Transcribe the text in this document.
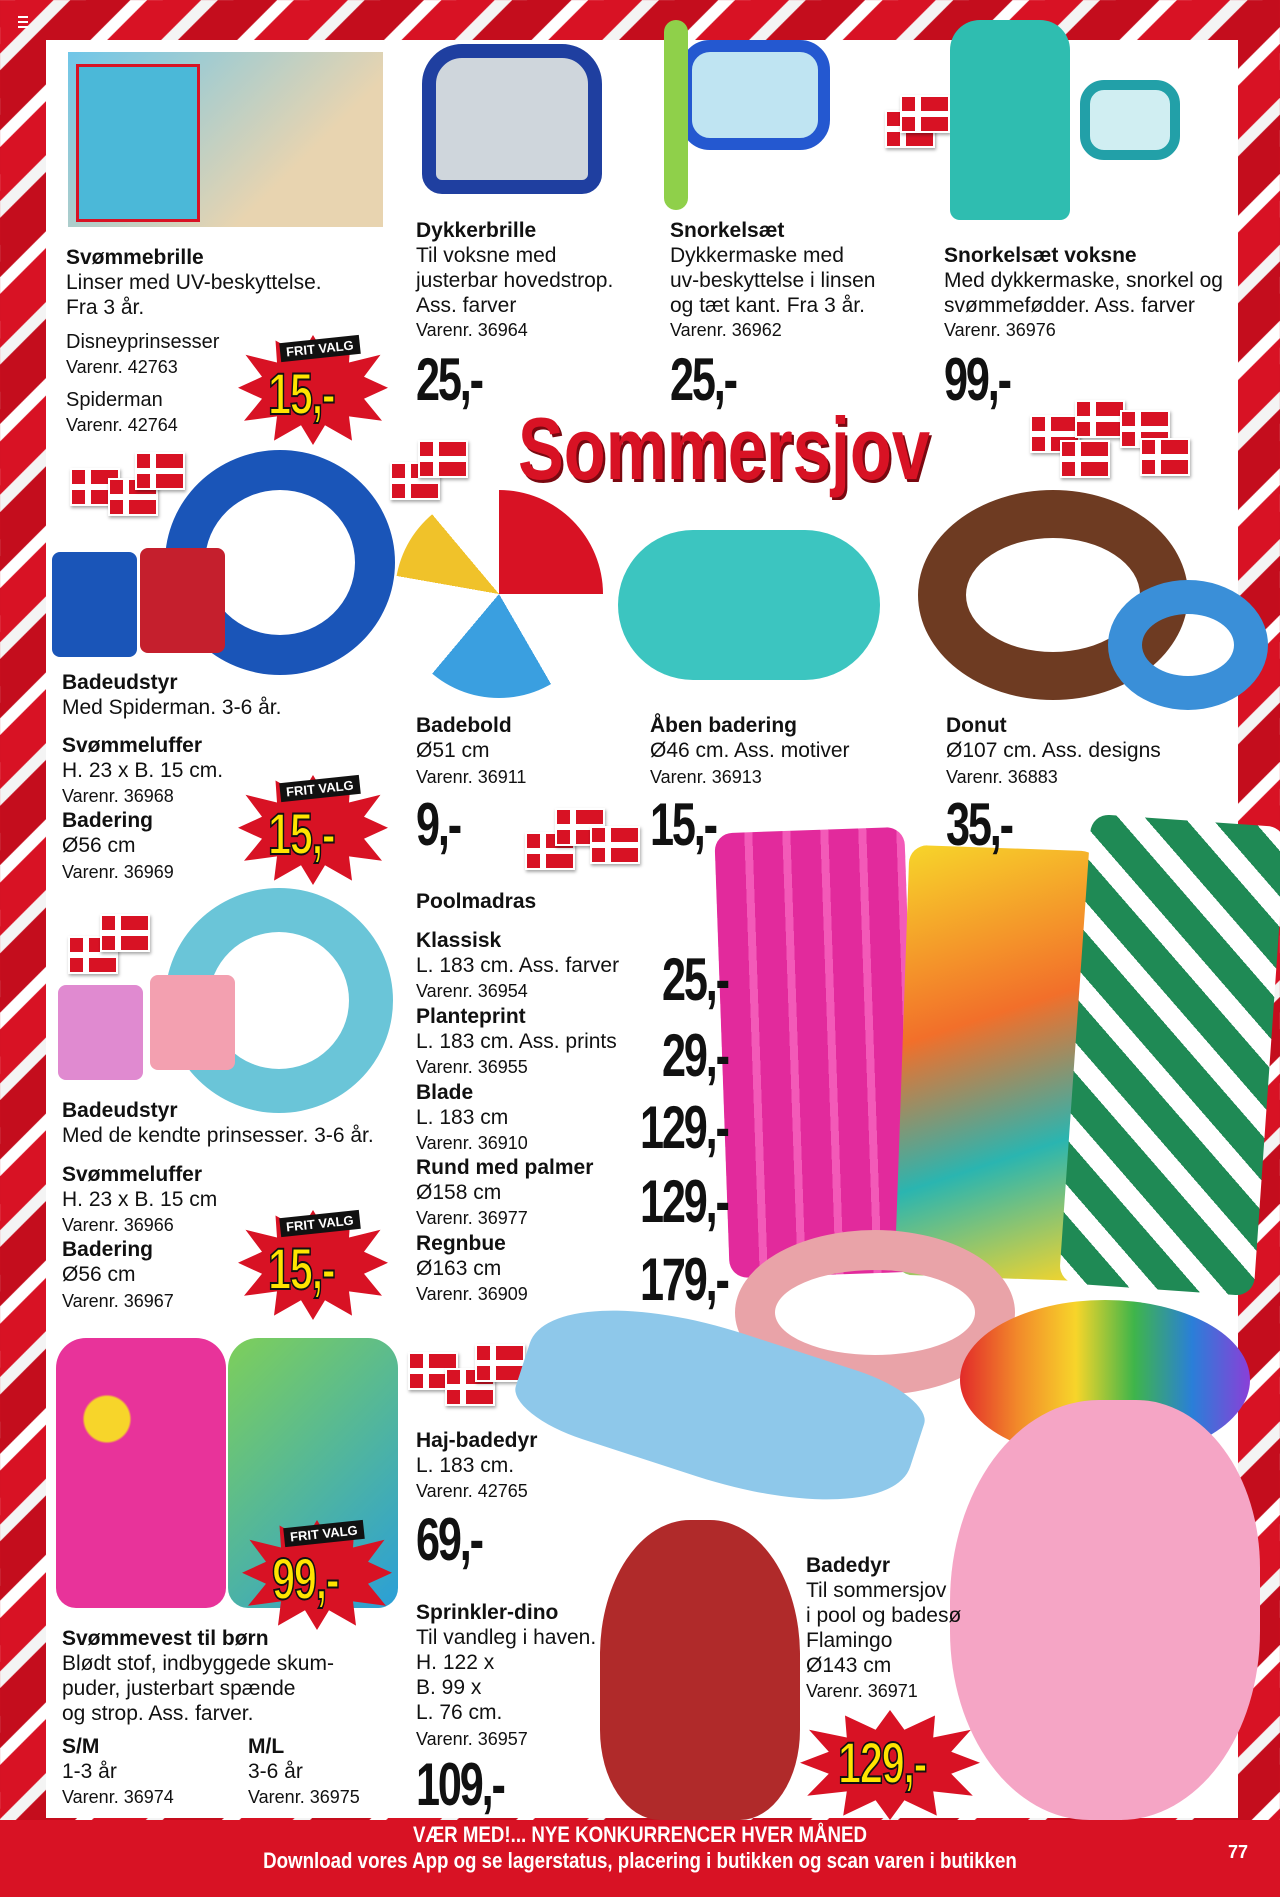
Sommersjov
Svømmebrille
Linser med UV-beskyttelse.
Fra 3 år.
Disneyprinsesser
Varenr. 42763
Spiderman
Varenr. 42764
FRIT VALG
15,-
Dykkerbrille
Til voksne med
justerbar hovedstrop.
Ass. farver
Varenr. 36964
25,-
Snorkelsæt
Dykkermaske med
uv-beskyttelse i linsen
og tæt kant. Fra 3 år.
Varenr. 36962
25,-
Snorkelsæt voksne
Med dykkermaske, snorkel og
svømmefødder. Ass. farver
Varenr. 36976
99,-
Badeudstyr
Med Spiderman. 3-6 år.
Svømmeluffer
H. 23 x B. 15 cm.
Varenr. 36968
Badering
Ø56 cm
Varenr. 36969
FRIT VALG
15,-
Badebold
Ø51 cm
Varenr. 36911
9,-
Åben badering
Ø46 cm. Ass. motiver
Varenr. 36913
15,-
Donut
Ø107 cm. Ass. designs
Varenr. 36883
35,-
Badeudstyr
Med de kendte prinsesser. 3-6 år.
Svømmeluffer
H. 23 x B. 15 cm
Varenr. 36966
Badering
Ø56 cm
Varenr. 36967
FRIT VALG
15,-
Poolmadras
Klassisk
L. 183 cm. Ass. farver
Varenr. 36954 25,-
Planteprint
L. 183 cm. Ass. prints
Varenr. 36955 29,-
Blade
L. 183 cm
Varenr. 36910 129,-
Rund med palmer
Ø158 cm
Varenr. 36977 129,-
Regnbue
Ø163 cm
Varenr. 36909 179,-
Haj-badedyr
L. 183 cm.
Varenr. 42765
69,-
Svømmevest til børn
Blødt stof, indbyggede skum-
puder, justerbart spænde
og strop. Ass. farver.
S/M
1-3 år
Varenr. 36974
M/L
3-6 år
Varenr. 36975
FRIT VALG
99,-
Sprinkler-dino
Til vandleg i haven.
H. 122 x
B. 99 x
L. 76 cm.
Varenr. 36957
109,-
Badedyr
Til sommersjov
i pool og badesø
Flamingo
Ø143 cm
Varenr. 36971
129,-
VÆR MED!... NYE KONKURRENCER HVER MÅNED
Download vores App og se lagerstatus, placering i butikken og scan varen i butikken	77
